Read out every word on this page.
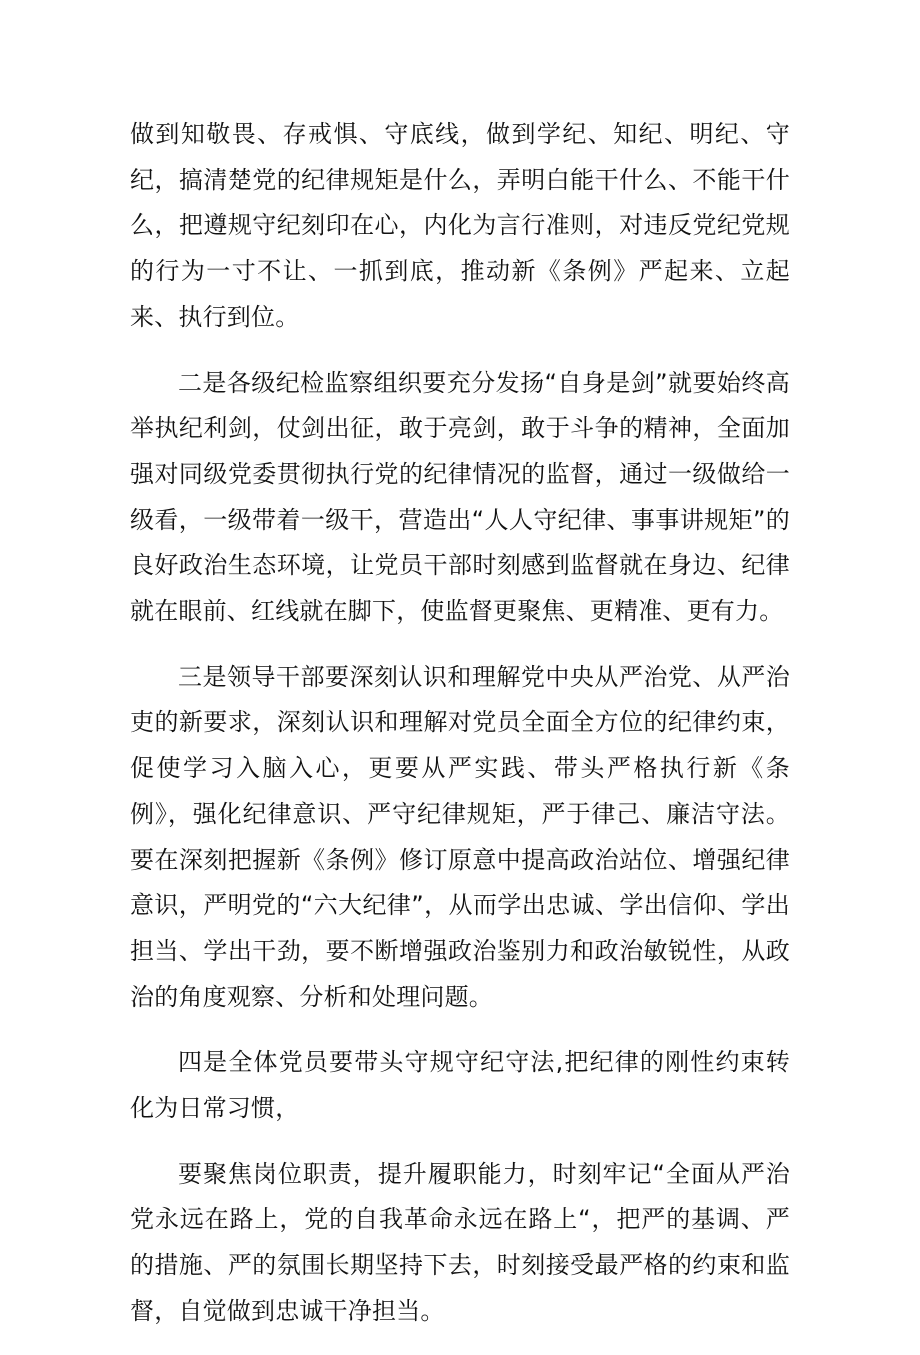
做到知敬畏、存戒惧、守底线，做到学纪、知纪、明纪、守纪，搞清楚党的纪律规矩是什么，弄明白能干什么、不能干什么，把遵规守纪刻印在心，内化为言行准则，对违反党纪党规的行为一寸不让、一抓到底，推动新《条例》严起来、立起来、执行到位。

二是各级纪检监察组织要充分发扬“自身是剑”就要始终高举执纪利剑，仗剑出征，敢于亮剑，敢于斗争的精神，全面加强对同级党委贯彻执行党的纪律情况的监督，通过一级做给一级看，一级带着一级干，营造出“人人守纪律、事事讲规矩”的良好政治生态环境，让党员干部时刻感到监督就在身边、纪律就在眼前、红线就在脚下，使监督更聚焦、更精准、更有力。

三是领导干部要深刻认识和理解党中央从严治党、从严治吏的新要求，深刻认识和理解对党员全面全方位的纪律约束，促使学习入脑入心，更要从严实践、带头严格执行新《条例》，强化纪律意识、严守纪律规矩，严于律己、廉洁守法。要在深刻把握新《条例》修订原意中提高政治站位、增强纪律意识，严明党的“六大纪律”，从而学出忠诚、学出信仰、学出担当、学出干劲，要不断增强政治鉴别力和政治敏锐性，从政治的角度观察、分析和处理问题。

四是全体党员要带头守规守纪守法,把纪律的刚性约束转化为日常习惯，

要聚焦岗位职责，提升履职能力，时刻牢记“全面从严治党永远在路上，党的自我革命永远在路上“，把严的基调、严的措施、严的氛围长期坚持下去，时刻接受最严格的约束和监督，自觉做到忠诚干净担当。
